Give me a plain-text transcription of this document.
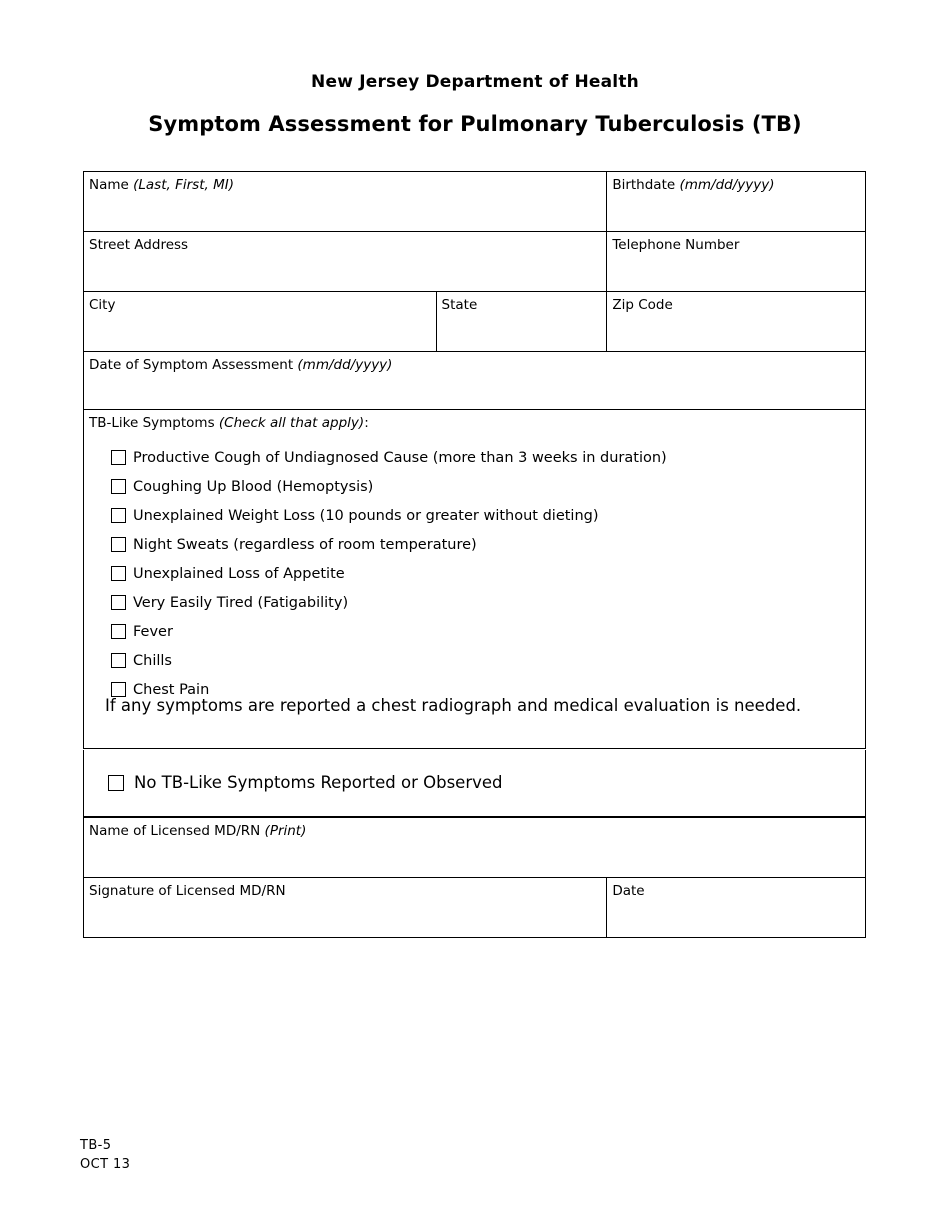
New Jersey Department of Health
Symptom Assessment for Pulmonary Tuberculosis (TB)
Name (Last, First, MI)	Birthdate (mm/dd/yyyy)
Street Address	Telephone Number
City	State	Zip Code
Date of Symptom Assessment (mm/dd/yyyy)
TB-Like Symptoms (Check all that apply):
Productive Cough of Undiagnosed Cause (more than 3 weeks in duration)
Coughing Up Blood (Hemoptysis)
Unexplained Weight Loss (10 pounds or greater without dieting)
Night Sweats (regardless of room temperature)
Unexplained Loss of Appetite
Very Easily Tired (Fatigability)
Fever
Chills
Chest Pain
If any symptoms are reported a chest radiograph and medical evaluation is needed.
No TB-Like Symptoms Reported or Observed
Name of Licensed MD/RN (Print)
Signature of Licensed MD/RN	Date
TB-5
OCT 13
